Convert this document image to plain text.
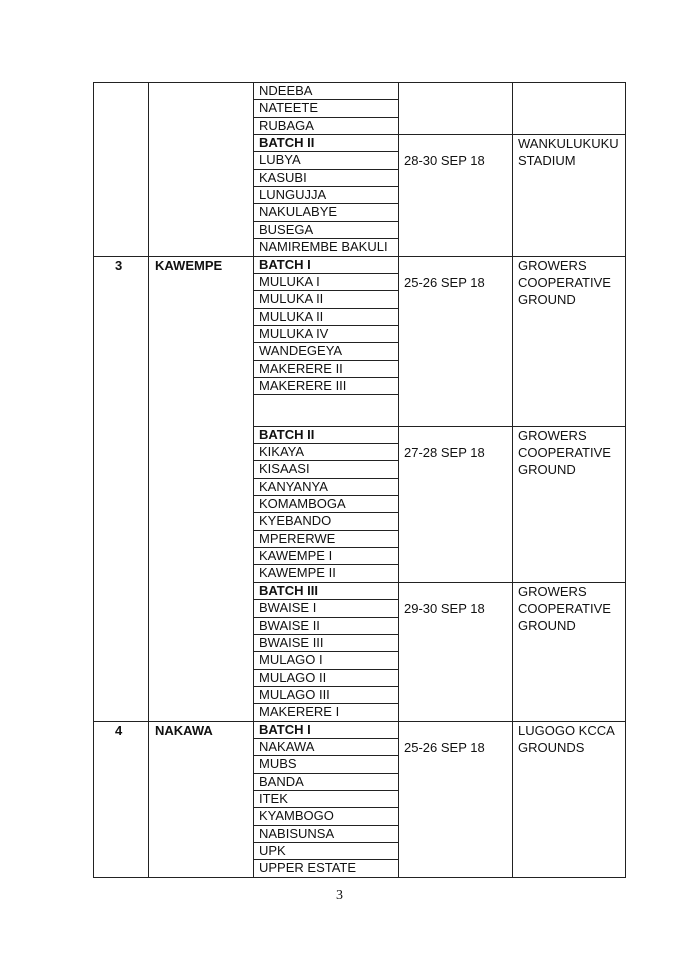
NDEEBA
NATEETE
RUBAGA
BATCH II
LUBYA
KASUBI
LUNGUJJA
NAKULABYE
BUSEGA
NAMIREMBE BAKULI
28-30 SEP 18
WANKULUKUKU STADIUM
BATCH I
MULUKA I
MULUKA II
MULUKA II
MULUKA IV
WANDEGEYA
MAKERERE II
MAKERERE III
25-26 SEP 18
GROWERS COOPERATIVE GROUND
BATCH II
KIKAYA
KISAASI
KANYANYA
KOMAMBOGA
KYEBANDO
MPERERWE
KAWEMPE I
KAWEMPE II
27-28 SEP 18
GROWERS COOPERATIVE GROUND
BATCH III
BWAISE I
BWAISE II
BWAISE III
MULAGO I
MULAGO II
MULAGO III
MAKERERE I
29-30 SEP 18
GROWERS COOPERATIVE GROUND
3	KAWEMPE
BATCH I
NAKAWA
MUBS
BANDA
ITEK
KYAMBOGO
NABISUNSA
UPK
UPPER ESTATE
25-26 SEP 18
LUGOGO KCCA GROUNDS
4	NAKAWA
3
